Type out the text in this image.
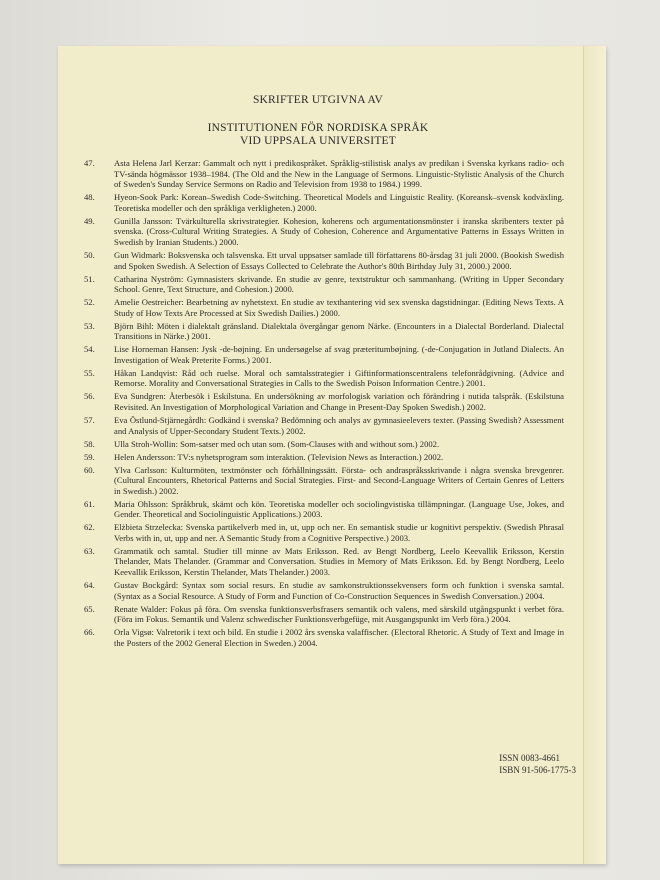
SKRIFTER UTGIVNA AV
INSTITUTIONEN FÖR NORDISKA SPRÅK
VID UPPSALA UNIVERSITET
47.	Asta Helena Jarl Kerzar: Gammalt och nytt i predikospråket. Språklig-stilistisk analys av predikan i Svenska kyrkans radio- och TV-sända högmässor 1938–1984. (The Old and the New in the Language of Sermons. Linguistic-Stylistic Analysis of the Church of Sweden's Sunday Service Sermons on Radio and Television from 1938 to 1984.) 1999.
48.	Hyeon-Sook Park: Korean–Swedish Code-Switching. Theoretical Models and Linguistic Reality. (Koreansk–svensk kodväxling. Teoretiska modeller och den språkliga verkligheten.) 2000.
49.	Gunilla Jansson: Tvärkulturella skrivstrategier. Kohesion, koherens och argumentationsmönster i iranska skribenters texter på svenska. (Cross-Cultural Writing Strategies. A Study of Cohesion, Coherence and Argumentative Patterns in Essays Written in Swedish by Iranian Students.) 2000.
50.	Gun Widmark: Boksvenska och talsvenska. Ett urval uppsatser samlade till författarens 80-årsdag 31 juli 2000. (Bookish Swedish and Spoken Swedish. A Selection of Essays Collected to Celebrate the Author's 80th Birthday July 31, 2000.) 2000.
51.	Catharina Nyström: Gymnasisters skrivande. En studie av genre, textstruktur och sammanhang. (Writing in Upper Secondary School. Genre, Text Structure, and Cohesion.) 2000.
52.	Amelie Oestreicher: Bearbetning av nyhetstext. En studie av texthantering vid sex svenska dagstidningar. (Editing News Texts. A Study of How Texts Are Processed at Six Swedish Dailies.) 2000.
53.	Björn Bihl: Möten i dialektalt gränsland. Dialektala övergångar genom Närke. (Encounters in a Dialectal Borderland. Dialectal Transitions in Närke.) 2001.
54.	Lise Horneman Hansen: Jysk -de-bøjning. En undersøgelse af svag præteritumbøjning. (-de-Conjugation in Jutland Dialects. An Investigation of Weak Preterite Forms.) 2001.
55.	Håkan Landqvist: Råd och ruelse. Moral och samtalsstrategier i Giftinformationscentralens telefonrådgivning. (Advice and Remorse. Morality and Conversational Strategies in Calls to the Swedish Poison Information Centre.) 2001.
56.	Eva Sundgren: Återbesök i Eskilstuna. En undersökning av morfologisk variation och förändring i nutida talspråk. (Eskilstuna Revisited. An Investigation of Morphological Variation and Change in Present-Day Spoken Swedish.) 2002.
57.	Eva Östlund-Stjärnegårdh: Godkänd i svenska? Bedömning och analys av gymnasieelevers texter. (Passing Swedish? Assessment and Analysis of Upper-Secondary Student Texts.) 2002.
58.	Ulla Stroh-Wollin: Som-satser med och utan som. (Som-Clauses with and without som.) 2002.
59.	Helen Andersson: TV:s nyhetsprogram som interaktion. (Television News as Interaction.) 2002.
60.	Ylva Carlsson: Kulturmöten, textmönster och förhållningssätt. Första- och andraspråksskrivande i några svenska brevgenrer. (Cultural Encounters, Rhetorical Patterns and Social Strategies. First- and Second-Language Writers of Certain Genres of Letters in Swedish.) 2002.
61.	Maria Ohlsson: Språkbruk, skämt och kön. Teoretiska modeller och sociolingvistiska tillämpningar. (Language Use, Jokes, and Gender. Theoretical and Sociolinguistic Applications.) 2003.
62.	Elżbieta Strzelecka: Svenska partikelverb med in, ut, upp och ner. En semantisk studie ur kognitivt perspektiv. (Swedish Phrasal Verbs with in, ut, upp and ner. A Semantic Study from a Cognitive Perspective.) 2003.
63.	Grammatik och samtal. Studier till minne av Mats Eriksson. Red. av Bengt Nordberg, Leelo Keevallik Eriksson, Kerstin Thelander, Mats Thelander. (Grammar and Conversation. Studies in Memory of Mats Eriksson. Ed. by Bengt Nordberg, Leelo Keevallik Eriksson, Kerstin Thelander, Mats Thelander.) 2003.
64.	Gustav Bockgård: Syntax som social resurs. En studie av samkonstruktionssekvensers form och funktion i svenska samtal. (Syntax as a Social Resource. A Study of Form and Function of Co-Construction Sequences in Swedish Conversation.) 2004.
65.	Renate Walder: Fokus på föra. Om svenska funktionsverbsfrasers semantik och valens, med särskild utgångspunkt i verbet föra. (Föra im Fokus. Semantik und Valenz schwedischer Funktionsverbgefüge, mit Ausgangspunkt im Verb föra.) 2004.
66.	Orla Vigsø: Valretorik i text och bild. En studie i 2002 års svenska valaffischer. (Electoral Rhetoric. A Study of Text and Image in the Posters of the 2002 General Election in Sweden.) 2004.
ISSN 0083-4661
ISBN 91-506-1775-3
